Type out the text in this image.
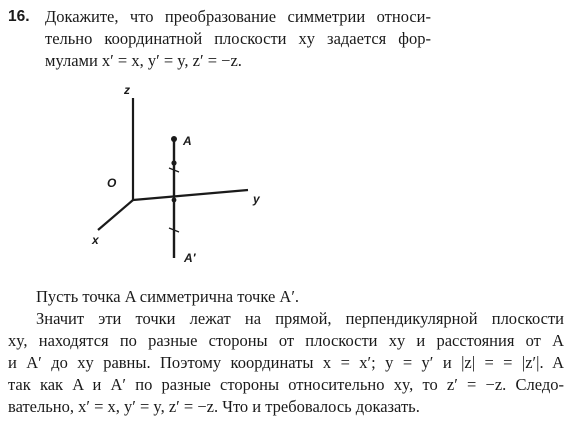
16. Докажите, что преобразование симметрии относи-
тельно координатной плоскости xy задается фор-
мулами x′ = x, y′ = y, z′ = −z.
z
y
x
O
A
A′
Пусть точка A симметрична точке A′.
Значит эти точки лежат на прямой, перпендикулярной плоскости
xy, находятся по разные стороны от плоскости xy и расстояния от A
и A′ до xy равны. Поэтому координаты x = x′; y = y′ и |z| = = |z′|. A
так как A и A′ по разные стороны относительно xy, то z′ = −z. Следо-
вательно, x′ = x, y′ = y, z′ = −z. Что и требовалось доказать.
